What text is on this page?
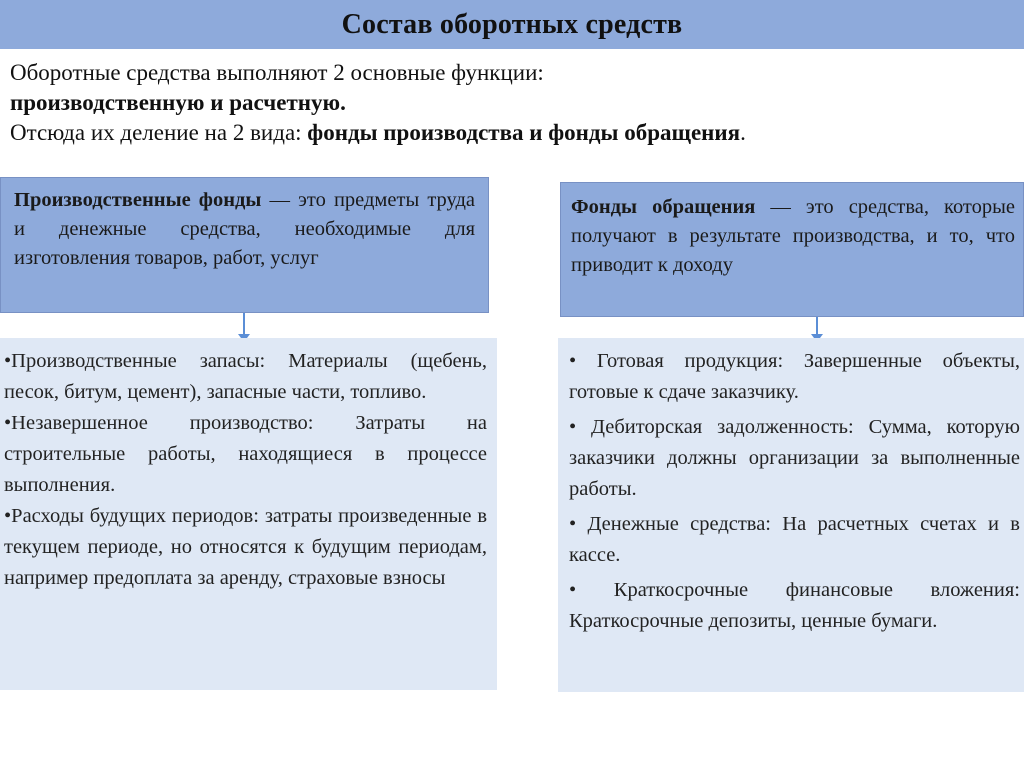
Состав оборотных средств

Оборотные средства выполняют 2 основные функции:

производственную и расчетную.

Отсюда их деление на 2 вида: фонды производства и фонды обращения.

Производственные фонды — это предметы труда и денежные средства, необходимые для изготовления товаров, работ, услуг
Фонды обращения — это средства, которые получают в результате производства, и то, что приводит к доходу

•Производственные запасы: Материалы (щебень, песок, битум, цемент), запасные части, топливо.

•Незавершенное производство: Затраты на строительные работы, находящиеся в процессе выполнения.

•Расходы будущих периодов: затраты произведенные в текущем периоде, но относятся к будущим периодам, например предоплата за аренду, страховые взносы

• Готовая продукция: Завершенные объекты, готовые к сдаче заказчику.

• Дебиторская задолженность: Сумма, которую заказчики должны организации за выполненные работы.

• Денежные средства: На расчетных счетах и в кассе.

• Краткосрочные финансовые вложения: Краткосрочные депозиты, ценные бумаги.
